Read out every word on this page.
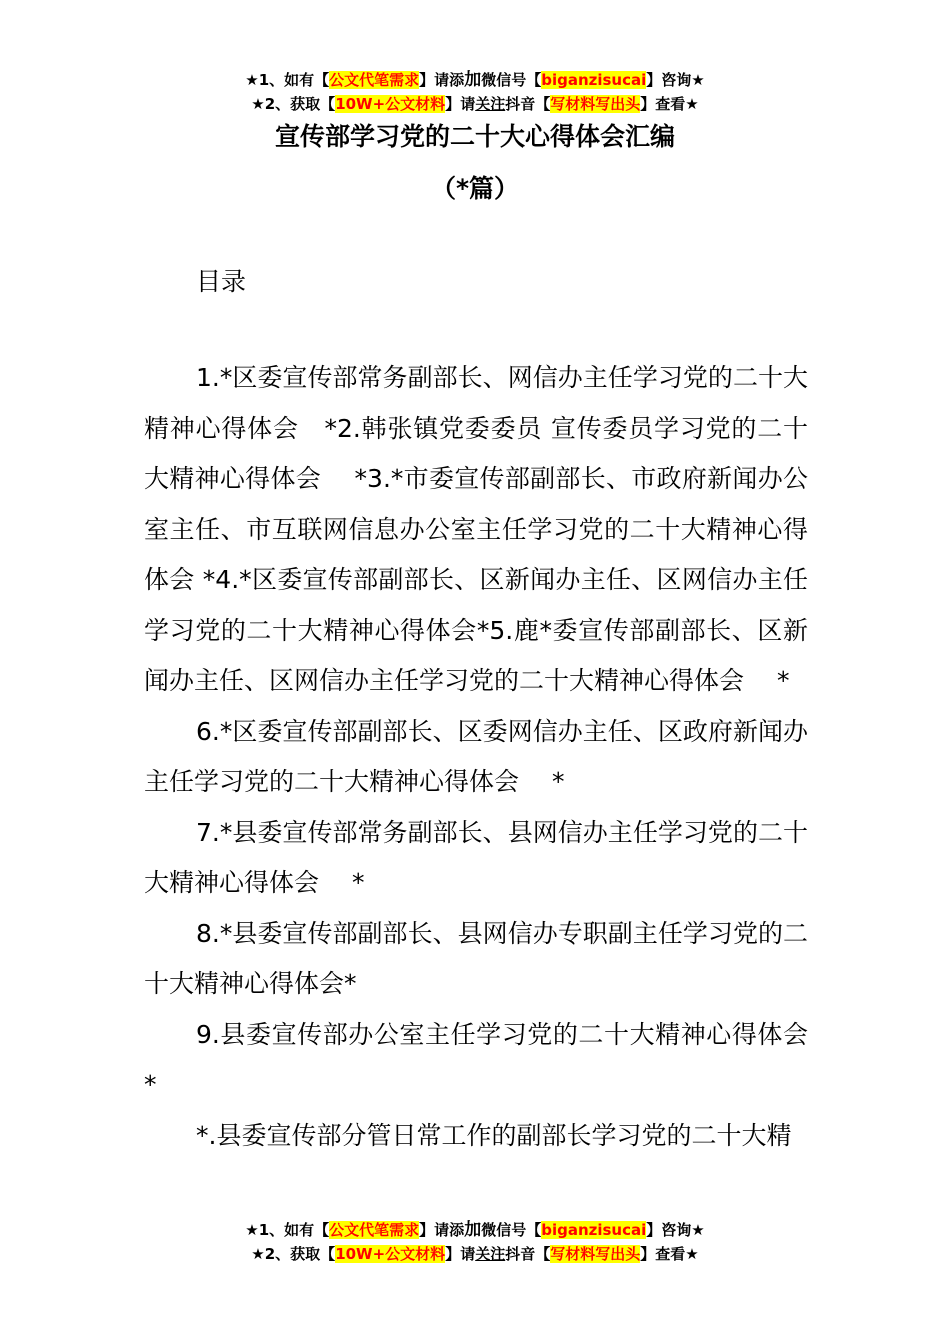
★1、如有【公文代笔需求】请添加微信号【biganzisucai】咨询★
★2、获取【10W+公文材料】请关注抖音【写材料写出头】查看★
宣传部学习党的二十大心得体会汇编
（*篇）
目录

1.*区委宣传部常务副部长、网信办主任学习党的二十大精神心得体会　*2.韩张镇党委委员 宣传委员学习党的二十大精神心得体会　 *3.*市委宣传部副部长、市政府新闻办公室主任、市互联网信息办公室主任学习党的二十大精神心得体会 *4.*区委宣传部副部长、区新闻办主任、区网信办主任学习党的二十大精神心得体会*5.鹿*委宣传部副部长、区新闻办主任、区网信办主任学习党的二十大精神心得体会　 *

6.*区委宣传部副部长、区委网信办主任、区政府新闻办主任学习党的二十大精神心得体会　 *

7.*县委宣传部常务副部长、县网信办主任学习党的二十大精神心得体会　 *

8.*县委宣传部副部长、县网信办专职副主任学习党的二十大精神心得体会*

9.县委宣传部办公室主任学习党的二十大精神心得体会　*

*.县委宣传部分管日常工作的副部长学习党的二十大精

★1、如有【公文代笔需求】请添加微信号【biganzisucai】咨询★
★2、获取【10W+公文材料】请关注抖音【写材料写出头】查看★
